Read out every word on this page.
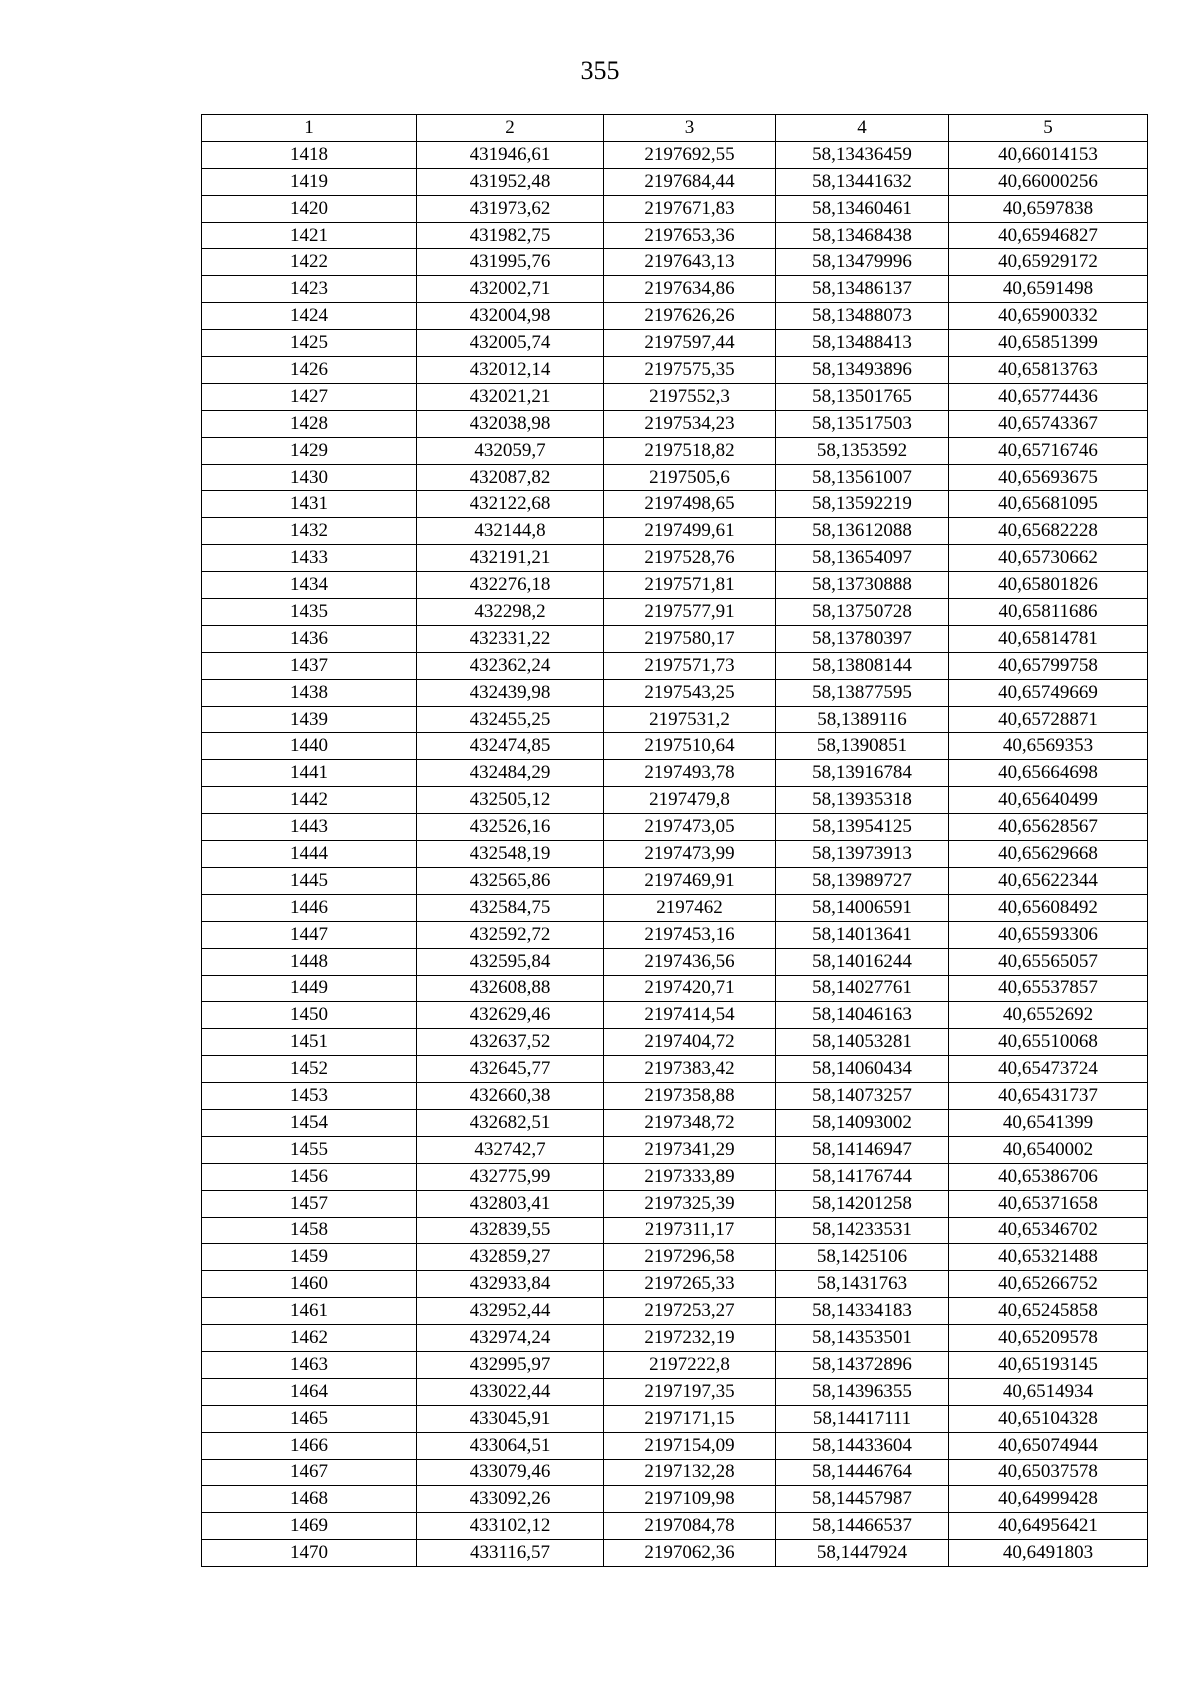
355
1	2	3	4	5
1418	431946,61	2197692,55	58,13436459	40,66014153
1419	431952,48	2197684,44	58,13441632	40,66000256
1420	431973,62	2197671,83	58,13460461	40,6597838
1421	431982,75	2197653,36	58,13468438	40,65946827
1422	431995,76	2197643,13	58,13479996	40,65929172
1423	432002,71	2197634,86	58,13486137	40,6591498
1424	432004,98	2197626,26	58,13488073	40,65900332
1425	432005,74	2197597,44	58,13488413	40,65851399
1426	432012,14	2197575,35	58,13493896	40,65813763
1427	432021,21	2197552,3	58,13501765	40,65774436
1428	432038,98	2197534,23	58,13517503	40,65743367
1429	432059,7	2197518,82	58,1353592	40,65716746
1430	432087,82	2197505,6	58,13561007	40,65693675
1431	432122,68	2197498,65	58,13592219	40,65681095
1432	432144,8	2197499,61	58,13612088	40,65682228
1433	432191,21	2197528,76	58,13654097	40,65730662
1434	432276,18	2197571,81	58,13730888	40,65801826
1435	432298,2	2197577,91	58,13750728	40,65811686
1436	432331,22	2197580,17	58,13780397	40,65814781
1437	432362,24	2197571,73	58,13808144	40,65799758
1438	432439,98	2197543,25	58,13877595	40,65749669
1439	432455,25	2197531,2	58,1389116	40,65728871
1440	432474,85	2197510,64	58,1390851	40,6569353
1441	432484,29	2197493,78	58,13916784	40,65664698
1442	432505,12	2197479,8	58,13935318	40,65640499
1443	432526,16	2197473,05	58,13954125	40,65628567
1444	432548,19	2197473,99	58,13973913	40,65629668
1445	432565,86	2197469,91	58,13989727	40,65622344
1446	432584,75	2197462	58,14006591	40,65608492
1447	432592,72	2197453,16	58,14013641	40,65593306
1448	432595,84	2197436,56	58,14016244	40,65565057
1449	432608,88	2197420,71	58,14027761	40,65537857
1450	432629,46	2197414,54	58,14046163	40,6552692
1451	432637,52	2197404,72	58,14053281	40,65510068
1452	432645,77	2197383,42	58,14060434	40,65473724
1453	432660,38	2197358,88	58,14073257	40,65431737
1454	432682,51	2197348,72	58,14093002	40,6541399
1455	432742,7	2197341,29	58,14146947	40,6540002
1456	432775,99	2197333,89	58,14176744	40,65386706
1457	432803,41	2197325,39	58,14201258	40,65371658
1458	432839,55	2197311,17	58,14233531	40,65346702
1459	432859,27	2197296,58	58,1425106	40,65321488
1460	432933,84	2197265,33	58,1431763	40,65266752
1461	432952,44	2197253,27	58,14334183	40,65245858
1462	432974,24	2197232,19	58,14353501	40,65209578
1463	432995,97	2197222,8	58,14372896	40,65193145
1464	433022,44	2197197,35	58,14396355	40,6514934
1465	433045,91	2197171,15	58,14417111	40,65104328
1466	433064,51	2197154,09	58,14433604	40,65074944
1467	433079,46	2197132,28	58,14446764	40,65037578
1468	433092,26	2197109,98	58,14457987	40,64999428
1469	433102,12	2197084,78	58,14466537	40,64956421
1470	433116,57	2197062,36	58,1447924	40,6491803
